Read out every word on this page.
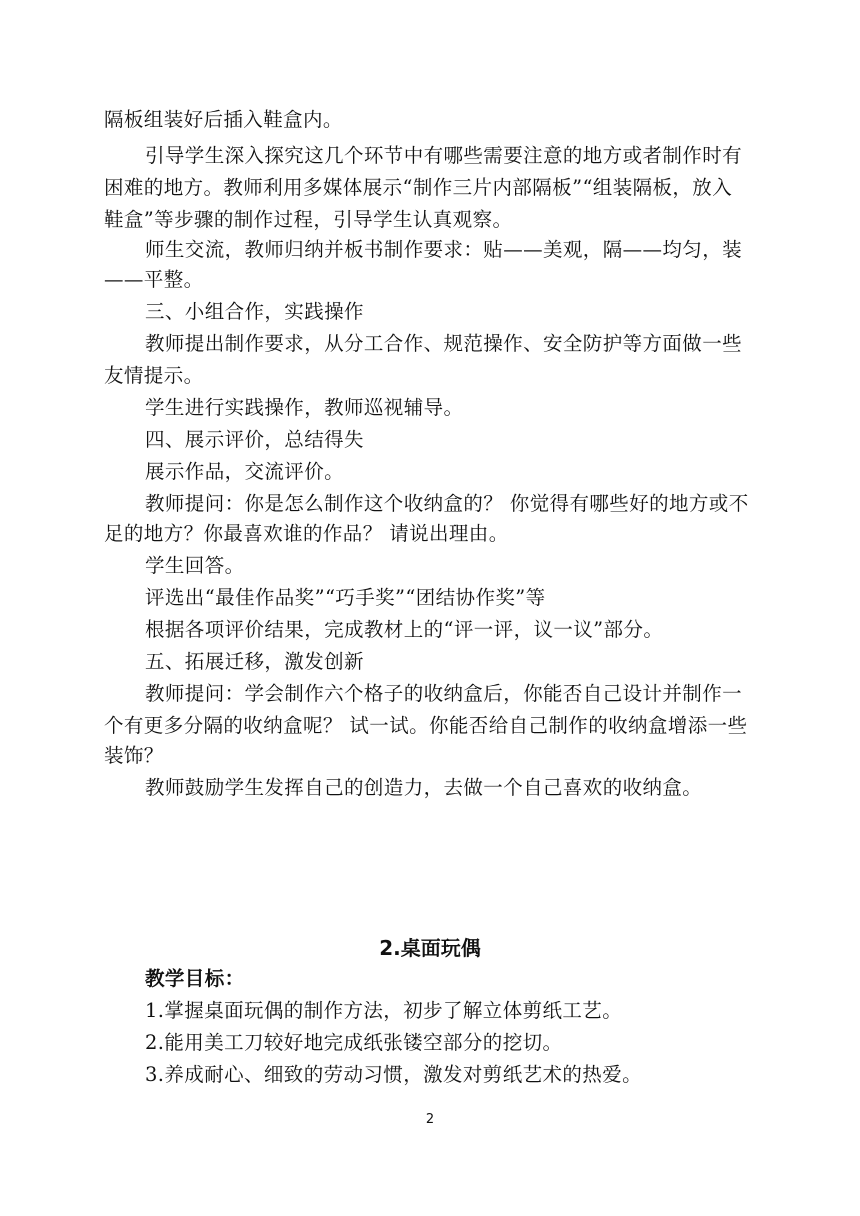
隔板组装好后插入鞋盒内。
引导学生深入探究这几个环节中有哪些需要注意的地方或者制作时有
困难的地方。教师利用多媒体展示“制作三片内部隔板”“组装隔板，放入
鞋盒”等步骤的制作过程，引导学生认真观察。
师生交流，教师归纳并板书制作要求：贴——美观，隔——均匀，装
——平整。
三、小组合作，实践操作
教师提出制作要求，从分工合作、规范操作、安全防护等方面做一些
友情提示。
学生进行实践操作，教师巡视辅导。
四、展示评价，总结得失
展示作品，交流评价。
教师提问：你是怎么制作这个收纳盒的？ 你觉得有哪些好的地方或不
足的地方？你最喜欢谁的作品？ 请说出理由。
学生回答。
评选出“最佳作品奖”“巧手奖”“团结协作奖”等
根据各项评价结果，完成教材上的“评一评，议一议”部分。
五、拓展迁移，激发创新
教师提问：学会制作六个格子的收纳盒后，你能否自己设计并制作一
个有更多分隔的收纳盒呢？ 试一试。你能否给自己制作的收纳盒增添一些
装饰？
教师鼓励学生发挥自己的创造力，去做一个自己喜欢的收纳盒。
2.桌面玩偶
教学目标：
1.掌握桌面玩偶的制作方法，初步了解立体剪纸工艺。
2.能用美工刀较好地完成纸张镂空部分的挖切。
3.养成耐心、细致的劳动习惯，激发对剪纸艺术的热爱。
2
